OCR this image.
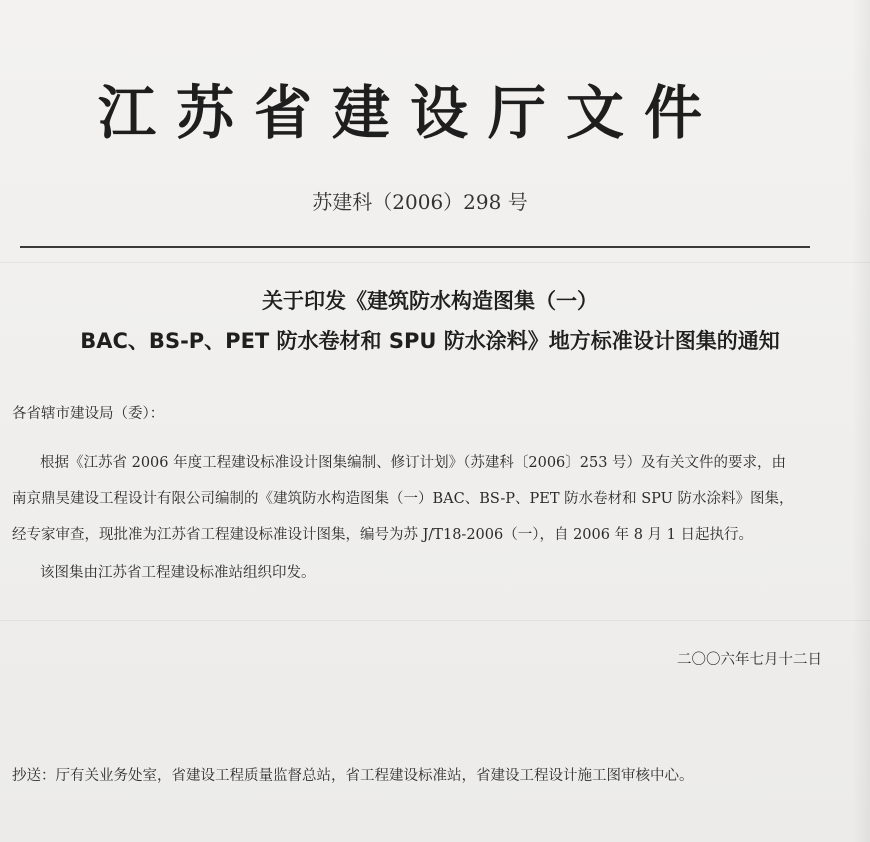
江苏省建设厅文件
苏建科（2006）298 号
关于印发《建筑防水构造图集（一）
BAC、BS-P、PET 防水卷材和 SPU 防水涂料》地方标准设计图集的通知
各省辖市建设局（委）：
根据《江苏省 2006 年度工程建设标准设计图集编制、修订计划》（苏建科〔2006〕253 号）及有关文件的要求，由
南京鼎昊建设工程设计有限公司编制的《建筑防水构造图集（一）BAC、BS-P、PET 防水卷材和 SPU 防水涂料》图集，
经专家审查，现批准为江苏省工程建设标准设计图集，编号为苏 J/T18-2006（一），自 2006 年 8 月 1 日起执行。
该图集由江苏省工程建设标准站组织印发。
二〇〇六年七月十二日
抄送：厅有关业务处室，省建设工程质量监督总站，省工程建设标准站，省建设工程设计施工图审核中心。
